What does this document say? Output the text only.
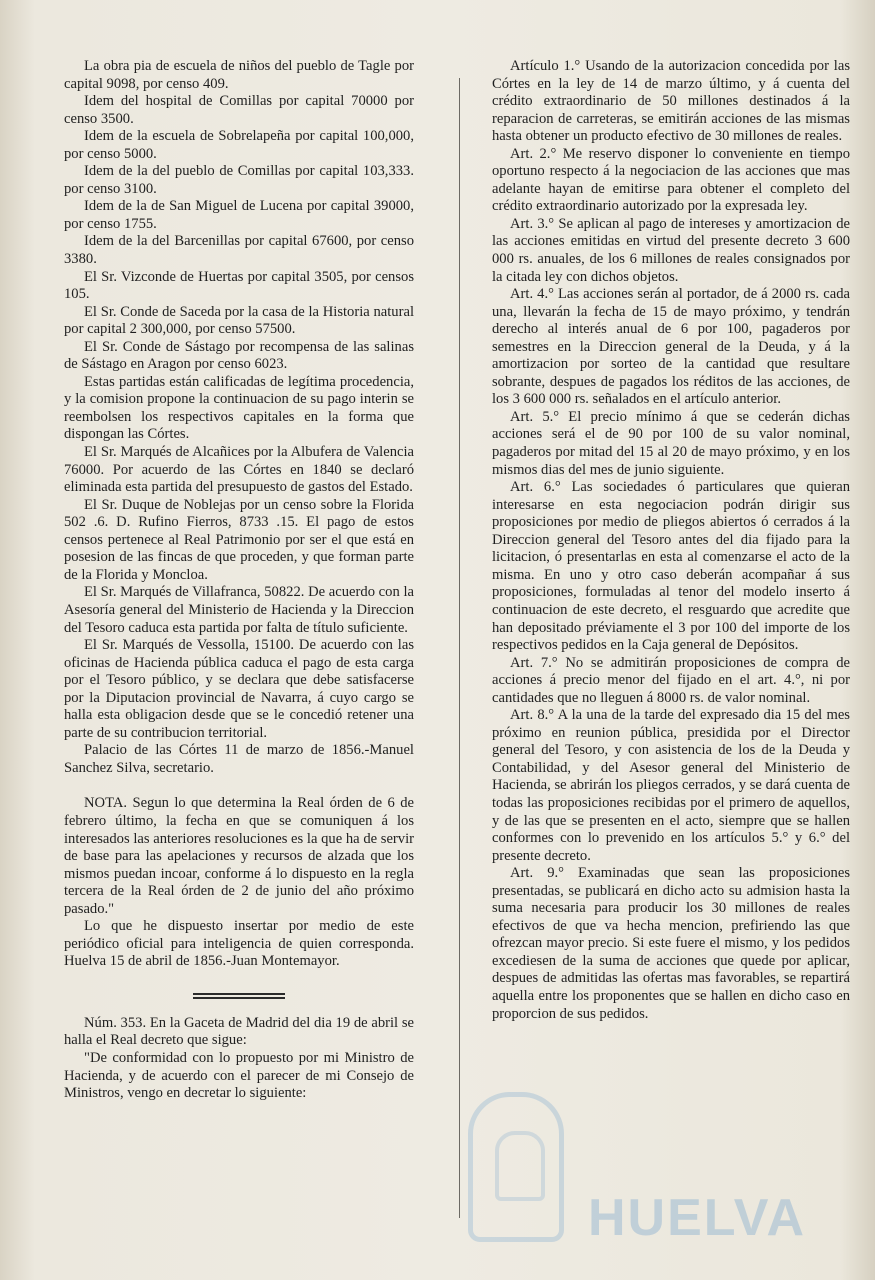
La obra pia de escuela de niños del pueblo de Tagle por capital 9098, por censo 409.

Idem del hospital de Comillas por capital 70000 por censo 3500.

Idem de la escuela de Sobrelapeña por capital 100,000, por censo 5000.

Idem de la del pueblo de Comillas por capital 103,333. por censo 3100.

Idem de la de San Miguel de Lucena por capital 39000, por censo 1755.

Idem de la del Barcenillas por capital 67600, por censo 3380.

El Sr. Vizconde de Huertas por capital 3505, por censos 105.

El Sr. Conde de Saceda por la casa de la Historia natural por capital 2 300,000, por censo 57500.

El Sr. Conde de Sástago por recompensa de las salinas de Sástago en Aragon por censo 6023.

Estas partidas están calificadas de legítima procedencia, y la comision propone la continuacion de su pago interin se reembolsen los respectivos capitales en la forma que dispongan las Córtes.

El Sr. Marqués de Alcañices por la Albufera de Valencia 76000. Por acuerdo de las Córtes en 1840 se declaró eliminada esta partida del presupuesto de gastos del Estado.

El Sr. Duque de Noblejas por un censo sobre la Florida 502 .6. D. Rufino Fierros, 8733 .15. El pago de estos censos pertenece al Real Patrimonio por ser el que está en posesion de las fincas de que proceden, y que forman parte de la Florida y Moncloa.

El Sr. Marqués de Villafranca, 50822. De acuerdo con la Asesoría general del Ministerio de Hacienda y la Direccion del Tesoro caduca esta partida por falta de título suficiente.

El Sr. Marqués de Vessolla, 15100. De acuerdo con las oficinas de Hacienda pública caduca el pago de esta carga por el Tesoro público, y se declara que debe satisfacerse por la Diputacion provincial de Navarra, á cuyo cargo se halla esta obligacion desde que se le concedió retener una parte de su contribucion territorial.

Palacio de las Córtes 11 de marzo de 1856.-Manuel Sanchez Silva, secretario.

NOTA. Segun lo que determina la Real órden de 6 de febrero último, la fecha en que se comuniquen á los interesados las anteriores resoluciones es la que ha de servir de base para las apelaciones y recursos de alzada que los mismos puedan incoar, conforme á lo dispuesto en la regla tercera de la Real órden de 2 de junio del año próximo pasado."

Lo que he dispuesto insertar por medio de este periódico oficial para inteligencia de quien corresponda. Huelva 15 de abril de 1856.-Juan Montemayor.

Núm. 353. En la Gaceta de Madrid del dia 19 de abril se halla el Real decreto que sigue:

"De conformidad con lo propuesto por mi Ministro de Hacienda, y de acuerdo con el parecer de mi Consejo de Ministros, vengo en decretar lo siguiente:

Artículo 1.° Usando de la autorizacion concedida por las Córtes en la ley de 14 de marzo último, y á cuenta del crédito extraordinario de 50 millones destinados á la reparacion de carreteras, se emitirán acciones de las mismas hasta obtener un producto efectivo de 30 millones de reales.

Art. 2.° Me reservo disponer lo conveniente en tiempo oportuno respecto á la negociacion de las acciones que mas adelante hayan de emitirse para obtener el completo del crédito extraordinario autorizado por la expresada ley.

Art. 3.° Se aplican al pago de intereses y amortizacion de las acciones emitidas en virtud del presente decreto 3 600 000 rs. anuales, de los 6 millones de reales consignados por la citada ley con dichos objetos.

Art. 4.° Las acciones serán al portador, de á 2000 rs. cada una, llevarán la fecha de 15 de mayo próximo, y tendrán derecho al interés anual de 6 por 100, pagaderos por semestres en la Direccion general de la Deuda, y á la amortizacion por sorteo de la cantidad que resultare sobrante, despues de pagados los réditos de las acciones, de los 3 600 000 rs. señalados en el artículo anterior.

Art. 5.° El precio mínimo á que se cederán dichas acciones será el de 90 por 100 de su valor nominal, pagaderos por mitad del 15 al 20 de mayo próximo, y en los mismos dias del mes de junio siguiente.

Art. 6.° Las sociedades ó particulares que quieran interesarse en esta negociacion podrán dirigir sus proposiciones por medio de pliegos abiertos ó cerrados á la Direccion general del Tesoro antes del dia fijado para la licitacion, ó presentarlas en esta al comenzarse el acto de la misma. En uno y otro caso deberán acompañar á sus proposiciones, formuladas al tenor del modelo inserto á continuacion de este decreto, el resguardo que acredite que han depositado préviamente el 3 por 100 del importe de los respectivos pedidos en la Caja general de Depósitos.

Art. 7.° No se admitirán proposiciones de compra de acciones á precio menor del fijado en el art. 4.°, ni por cantidades que no lleguen á 8000 rs. de valor nominal.

Art. 8.° A la una de la tarde del expresado dia 15 del mes próximo en reunion pública, presidida por el Director general del Tesoro, y con asistencia de los de la Deuda y Contabilidad, y del Asesor general del Ministerio de Hacienda, se abrirán los pliegos cerrados, y se dará cuenta de todas las proposiciones recibidas por el primero de aquellos, y de las que se presenten en el acto, siempre que se hallen conformes con lo prevenido en los artículos 5.° y 6.° del presente decreto.

Art. 9.° Examinadas que sean las proposiciones presentadas, se publicará en dicho acto su admision hasta la suma necesaria para producir los 30 millones de reales efectivos de que va hecha mencion, prefiriendo las que ofrezcan mayor precio. Si este fuere el mismo, y los pedidos excediesen de la suma de acciones que quede por aplicar, despues de admitidas las ofertas mas favorables, se repartirá aquella entre los proponentes que se hallen en dicho caso en proporcion de sus pedidos.

HUELVA
